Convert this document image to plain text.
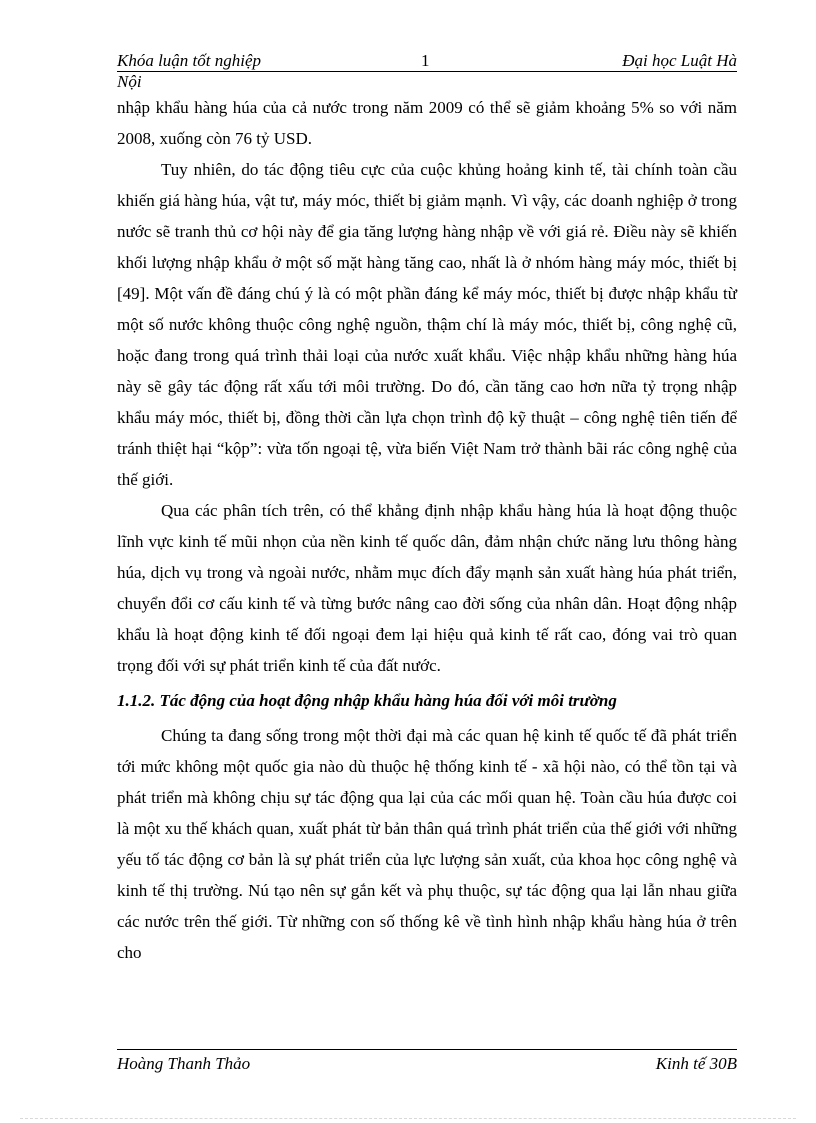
Khóa luận tốt nghiệp	1	Đại học Luật Hà
Nội

nhập khẩu hàng húa của cả nước trong năm 2009 có thể sẽ giảm khoảng 5% so với năm 2008, xuống còn 76 tỷ USD.

Tuy nhiên, do tác động tiêu cực của cuộc khủng hoảng kinh tế, tài chính toàn cầu khiến giá hàng húa, vật tư, máy móc, thiết bị giảm mạnh. Vì vậy, các doanh nghiệp ở trong nước sẽ tranh thủ cơ hội này để gia tăng lượng hàng nhập về với giá rẻ. Điều này sẽ khiến khối lượng nhập khẩu ở một số mặt hàng tăng cao, nhất là ở nhóm hàng máy móc, thiết bị [49]. Một vấn đề đáng chú ý là có một phần đáng kể máy móc, thiết bị được nhập khẩu từ một số nước không thuộc công nghệ nguồn, thậm chí là máy móc, thiết bị, công nghệ cũ, hoặc đang trong quá trình thải loại của nước xuất khẩu. Việc nhập khẩu những hàng húa này sẽ gây tác động rất xấu tới môi trường. Do đó, cần tăng cao hơn nữa tỷ trọng nhập khẩu máy móc, thiết bị, đồng thời cần lựa chọn trình độ kỹ thuật – công nghệ tiên tiến để tránh thiệt hại “kộp”: vừa tốn ngoại tệ, vừa biến Việt Nam trở thành bãi rác công nghệ của thế giới.

Qua các phân tích trên, có thể khẳng định nhập khẩu hàng húa là hoạt động thuộc lĩnh vực kinh tế mũi nhọn của nền kinh tế quốc dân, đảm nhận chức năng lưu thông hàng húa, dịch vụ trong và ngoài nước, nhằm mục đích đẩy mạnh sản xuất hàng húa phát triển, chuyển đổi cơ cấu kinh tế và từng bước nâng cao đời sống của nhân dân. Hoạt động nhập khẩu là hoạt động kinh tế đối ngoại đem lại hiệu quả kinh tế rất cao, đóng vai trò quan trọng đối với sự phát triển kinh tế của đất nước.

1.1.2. Tác động của hoạt động nhập khẩu hàng húa đối với môi trường

Chúng ta đang sống trong một thời đại mà các quan hệ kinh tế quốc tế đã phát triển tới mức không một quốc gia nào dù thuộc hệ thống kinh tế - xã hội nào, có thể tồn tại và phát triển mà không chịu sự tác động qua lại của các mối quan hệ. Toàn cầu húa được coi là một xu thế khách quan, xuất phát từ bản thân quá trình phát triển của thế giới với những yếu tố tác động cơ bản là sự phát triển của lực lượng sản xuất, của khoa học công nghệ và kinh tế thị trường. Nú tạo nên sự gắn kết và phụ thuộc, sự tác động qua lại lẫn nhau giữa các nước trên thế giới. Từ những con số thống kê về tình hình nhập khẩu hàng húa ở trên cho

Hoàng Thanh Thảo	Kinh tế 30B
